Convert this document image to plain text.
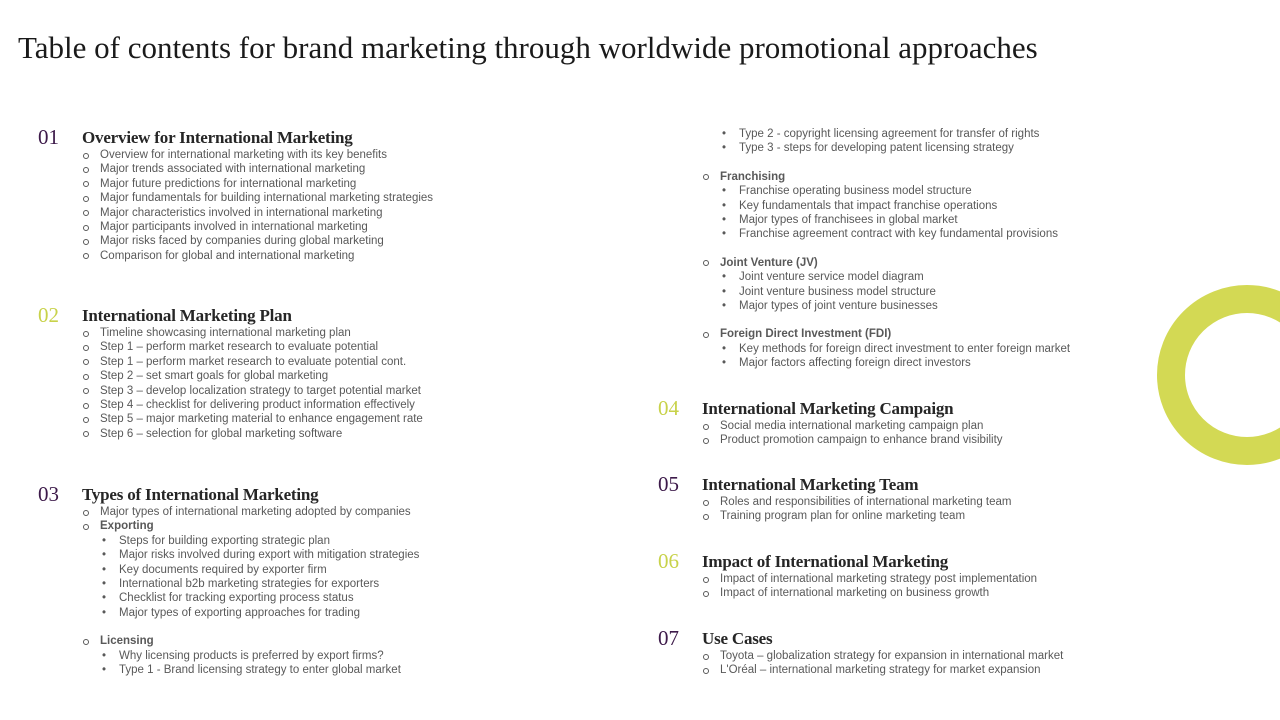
Table of contents for brand marketing through worldwide promotional approaches
01 Overview for International Marketing
Overview for international marketing with its key benefits
Major trends associated with international marketing
Major future predictions for international marketing
Major fundamentals for building international marketing strategies
Major characteristics involved in international marketing
Major participants involved in international marketing
Major risks faced by companies during global marketing
Comparison for global and international marketing
02 International Marketing Plan
Timeline showcasing international marketing plan
Step 1 – perform market research to evaluate potential
Step 1 – perform market research to evaluate potential cont.
Step 2 – set smart goals for global marketing
Step 3 – develop localization strategy to target potential market
Step 4 – checklist for delivering product information effectively
Step 5 – major marketing material to enhance engagement rate
Step 6 – selection for global marketing software
03 Types of International Marketing
Major types of international marketing adopted by companies
Exporting
• Steps for building exporting strategic plan
• Major risks involved during export with mitigation strategies
• Key documents required by exporter firm
• International b2b marketing strategies for exporters
• Checklist for tracking exporting process status
• Major types of exporting approaches for trading
Licensing
• Why licensing products is preferred by export firms?
• Type 1 - Brand licensing strategy to enter global market
• Type 2 - copyright licensing agreement for transfer of rights
• Type 3 - steps for developing patent licensing strategy
Franchising
• Franchise operating business model structure
• Key fundamentals that impact franchise operations
• Major types of franchisees in global market
• Franchise agreement contract with key fundamental provisions
Joint Venture (JV)
• Joint venture service model diagram
• Joint venture business model structure
• Major types of joint venture businesses
Foreign Direct Investment (FDI)
• Key methods for foreign direct investment to enter foreign market
• Major factors affecting foreign direct investors
04 International Marketing Campaign
Social media international marketing campaign plan
Product promotion campaign to enhance brand visibility
05 International Marketing Team
Roles and responsibilities of international marketing team
Training program plan for online marketing team
06 Impact of International Marketing
Impact of international marketing strategy post implementation
Impact of international marketing on business growth
07 Use Cases
Toyota – globalization strategy for expansion in international market
L'Oréal – international marketing strategy for market expansion
